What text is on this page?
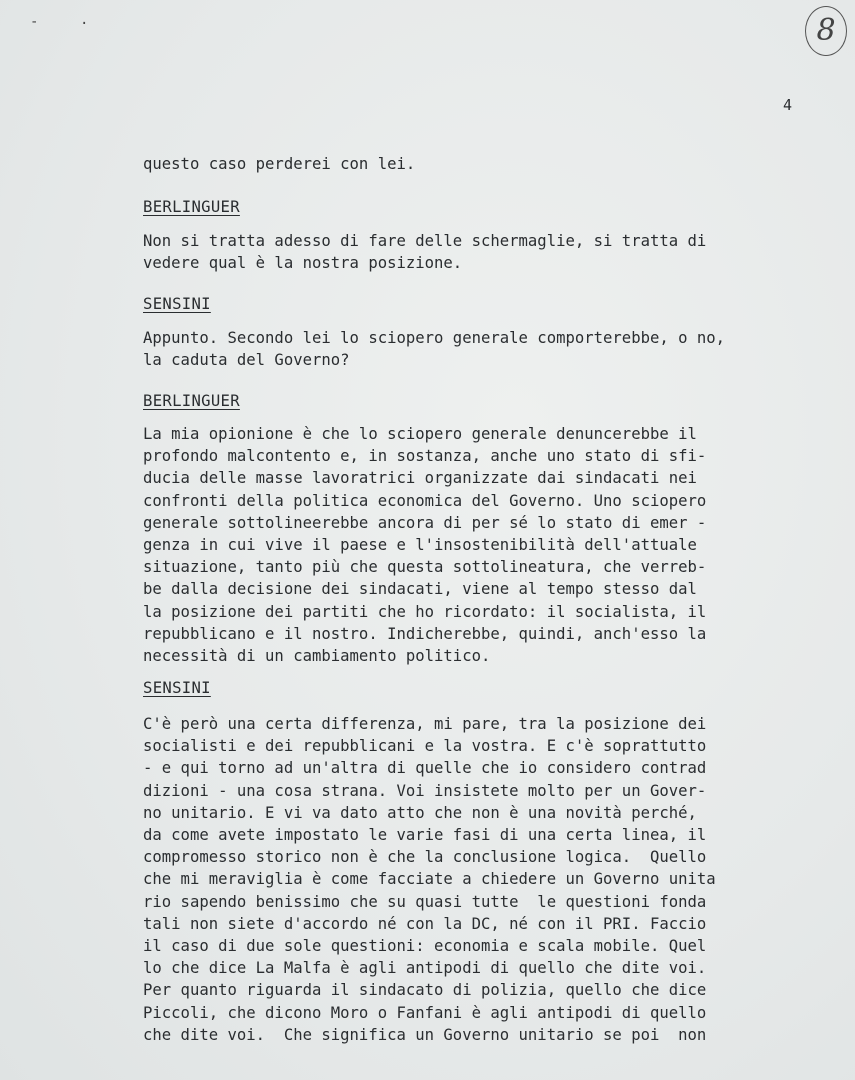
-	·	8
4
questo caso perderei con lei.
BERLINGUER
Non si tratta adesso di fare delle schermaglie, si tratta di
vedere qual è la nostra posizione.
SENSINI
Appunto. Secondo lei lo sciopero generale comporterebbe, o no,
la caduta del Governo?
BERLINGUER
La mia opionione è che lo sciopero generale denuncerebbe il
profondo malcontento e, in sostanza, anche uno stato di sfi-
ducia delle masse lavoratrici organizzate dai sindacati nei
confronti della politica economica del Governo. Uno sciopero
generale sottolineerebbe ancora di per sé lo stato di emer -
genza in cui vive il paese e l'insostenibilità dell'attuale
situazione, tanto più che questa sottolineatura, che verreb-
be dalla decisione dei sindacati, viene al tempo stesso dal
la posizione dei partiti che ho ricordato: il socialista, il
repubblicano e il nostro. Indicherebbe, quindi, anch'esso la
necessità di un cambiamento politico.
SENSINI
C'è però una certa differenza, mi pare, tra la posizione dei
socialisti e dei repubblicani e la vostra. E c'è soprattutto
- e qui torno ad un'altra di quelle che io considero contrad
dizioni - una cosa strana. Voi insistete molto per un Gover-
no unitario. E vi va dato atto che non è una novità perché,
da come avete impostato le varie fasi di una certa linea, il
compromesso storico non è che la conclusione logica.  Quello
che mi meraviglia è come facciate a chiedere un Governo unita
rio sapendo benissimo che su quasi tutte  le questioni fonda
tali non siete d'accordo né con la DC, né con il PRI. Faccio
il caso di due sole questioni: economia e scala mobile. Quel
lo che dice La Malfa è agli antipodi di quello che dite voi.
Per quanto riguarda il sindacato di polizia, quello che dice
Piccoli, che dicono Moro o Fanfani è agli antipodi di quello
che dite voi.  Che significa un Governo unitario se poi  non
